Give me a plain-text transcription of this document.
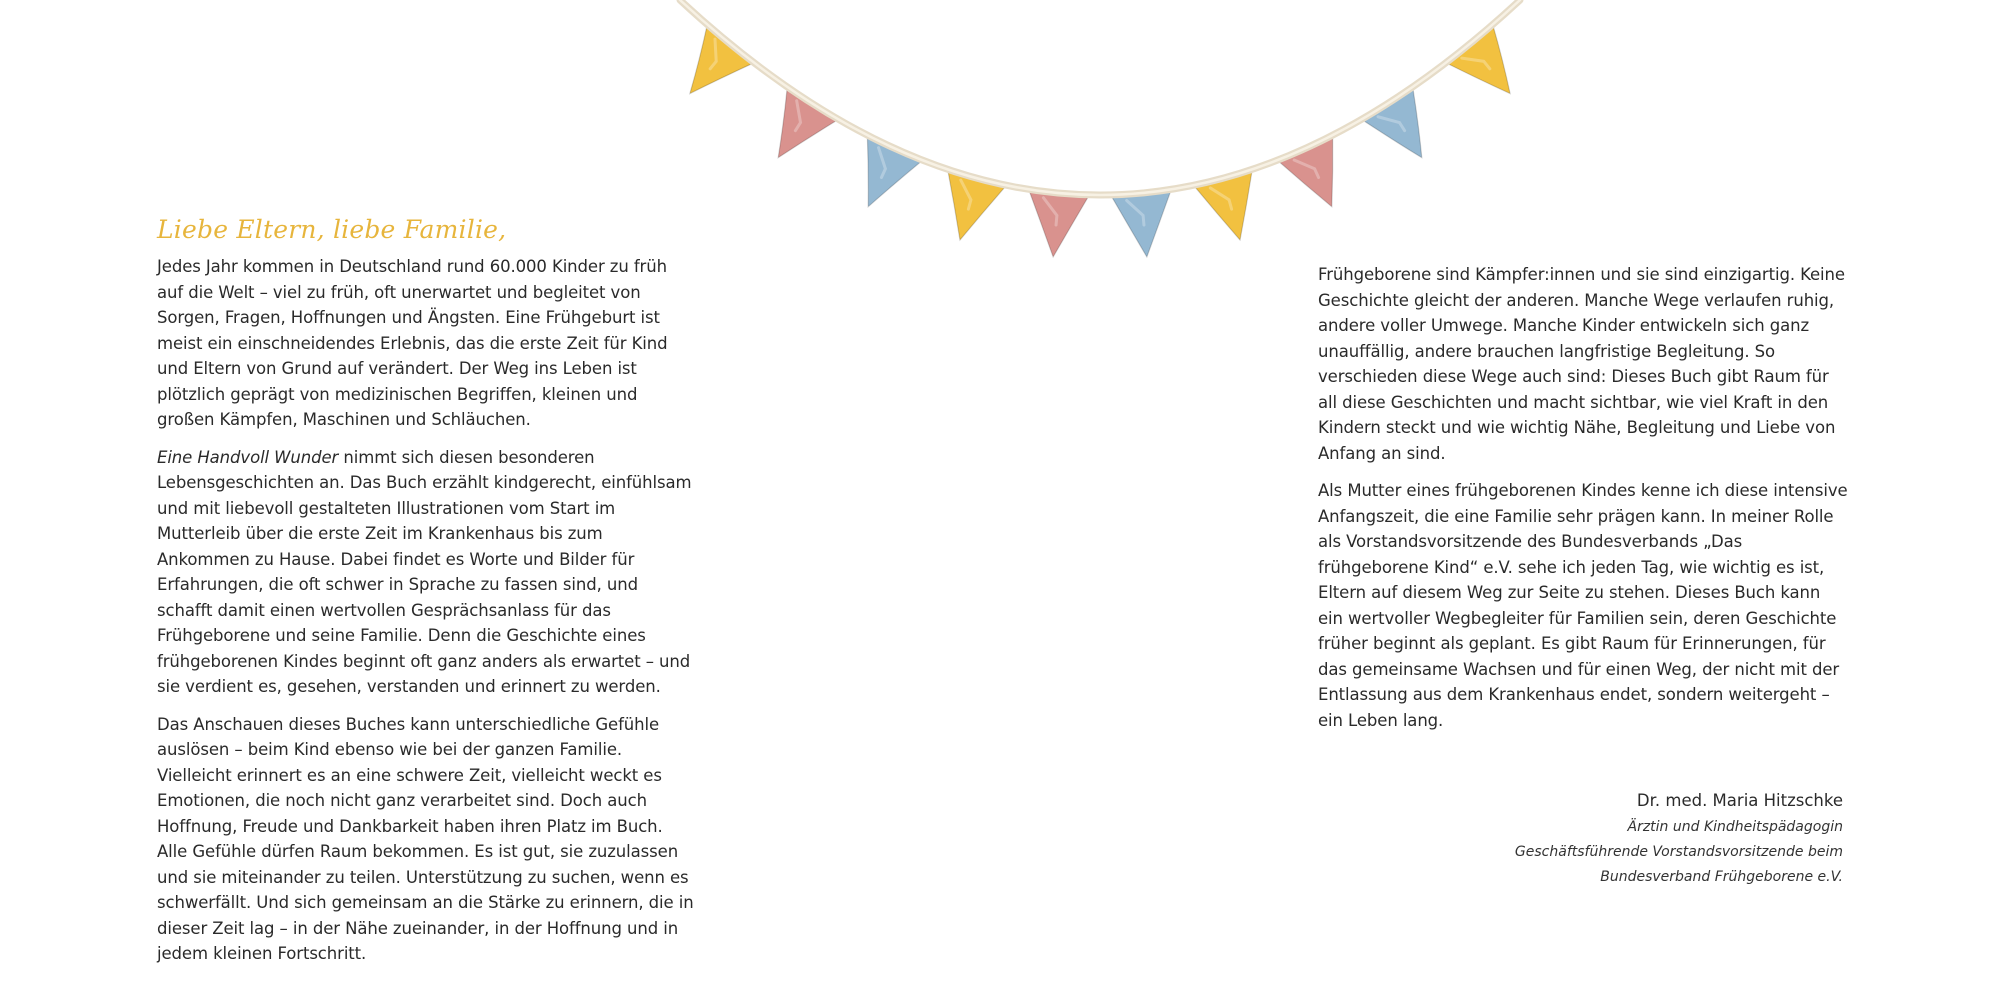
Liebe Eltern, liebe Familie,

Jedes Jahr kommen in Deutschland rund 60.000 Kinder zu früh auf die Welt – viel zu früh, oft unerwartet und begleitet von Sorgen, Fragen, Hoffnungen und Ängsten. Eine Frühgeburt ist meist ein einschneidendes Erlebnis, das die erste Zeit für Kind und Eltern von Grund auf verändert. Der Weg ins Leben ist plötzlich geprägt von medizinischen Begriffen, kleinen und großen Kämpfen, Maschinen und Schläuchen.

Eine Handvoll Wunder nimmt sich diesen besonderen Lebensgeschichten an. Das Buch erzählt kindgerecht, einfühlsam und mit liebevoll gestalteten Illustrationen vom Start im Mutterleib über die erste Zeit im Krankenhaus bis zum Ankommen zu Hause. Dabei findet es Worte und Bilder für Erfahrungen, die oft schwer in Sprache zu fassen sind, und schafft damit einen wertvollen Gesprächsanlass für das Frühgeborene und seine Familie. Denn die Geschichte eines frühgeborenen Kindes beginnt oft ganz anders als erwartet – und sie verdient es, gesehen, verstanden und erinnert zu werden.

Das Anschauen dieses Buches kann unterschiedliche Gefühle auslösen – beim Kind ebenso wie bei der ganzen Familie. Vielleicht erinnert es an eine schwere Zeit, vielleicht weckt es Emotionen, die noch nicht ganz verarbeitet sind. Doch auch Hoffnung, Freude und Dankbarkeit haben ihren Platz im Buch. Alle Gefühle dürfen Raum bekommen. Es ist gut, sie zuzulassen und sie miteinander zu teilen. Unterstützung zu suchen, wenn es schwerfällt. Und sich gemeinsam an die Stärke zu erinnern, die in dieser Zeit lag – in der Nähe zueinander, in der Hoffnung und in jedem kleinen Fortschritt.

Frühgeborene sind Kämpfer:innen und sie sind einzigartig. Keine Geschichte gleicht der anderen. Manche Wege verlaufen ruhig, andere voller Umwege. Manche Kinder entwickeln sich ganz unauffällig, andere brauchen langfristige Begleitung. So verschieden diese Wege auch sind: Dieses Buch gibt Raum für all diese Geschichten und macht sichtbar, wie viel Kraft in den Kindern steckt und wie wichtig Nähe, Begleitung und Liebe von Anfang an sind.

Als Mutter eines frühgeborenen Kindes kenne ich diese intensive Anfangszeit, die eine Familie sehr prägen kann. In meiner Rolle als Vorstandsvorsitzende des Bundesverbands „Das frühgeborene Kind“ e.V. sehe ich jeden Tag, wie wichtig es ist, Eltern auf diesem Weg zur Seite zu stehen. Dieses Buch kann ein wertvoller Wegbegleiter für Familien sein, deren Geschichte früher beginnt als geplant. Es gibt Raum für Erinnerungen, für das gemeinsame Wachsen und für einen Weg, der nicht mit der Entlassung aus dem Krankenhaus endet, sondern weitergeht – ein Leben lang.

Dr. med. Maria Hitzschke

Ärztin und Kindheitspädagogin

Geschäftsführende Vorstandsvorsitzende beim

Bundesverband Frühgeborene e.V.
